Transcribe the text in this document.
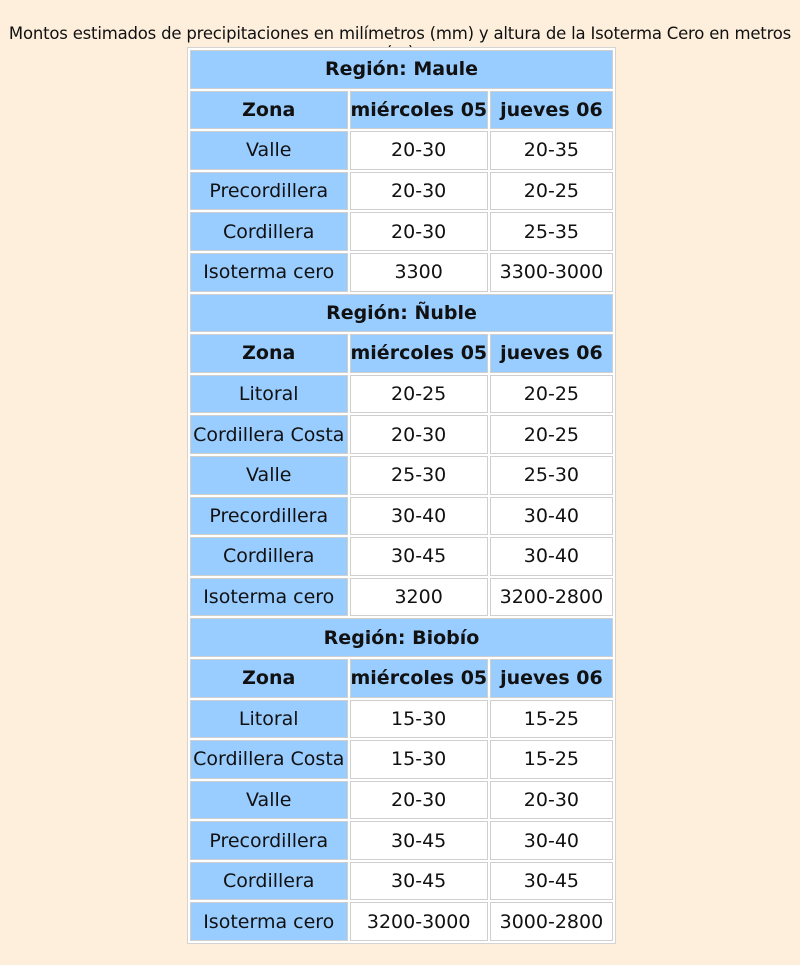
Montos estimados de precipitaciones en milímetros (mm) y altura de la Isoterma Cero en metros
Región: Maule		
Zona	miércoles 05	jueves 06
Valle	20-30	20-35
Precordillera	20-30	20-25
Cordillera	20-30	25-35
Isoterma cero	3300	3300-3000
Región: Ñuble		
Zona	miércoles 05	jueves 06
Litoral	20-25	20-25
Cordillera Costa	20-30	20-25
Valle	25-30	25-30
Precordillera	30-40	30-40
Cordillera	30-45	30-40
Isoterma cero	3200	3200-2800
Región: Biobío		
Zona	miércoles 05	jueves 06
Litoral	15-30	15-25
Cordillera Costa	15-30	15-25
Valle	20-30	20-30
Precordillera	30-45	30-40
Cordillera	30-45	30-45
Isoterma cero	3200-3000	3000-2800
